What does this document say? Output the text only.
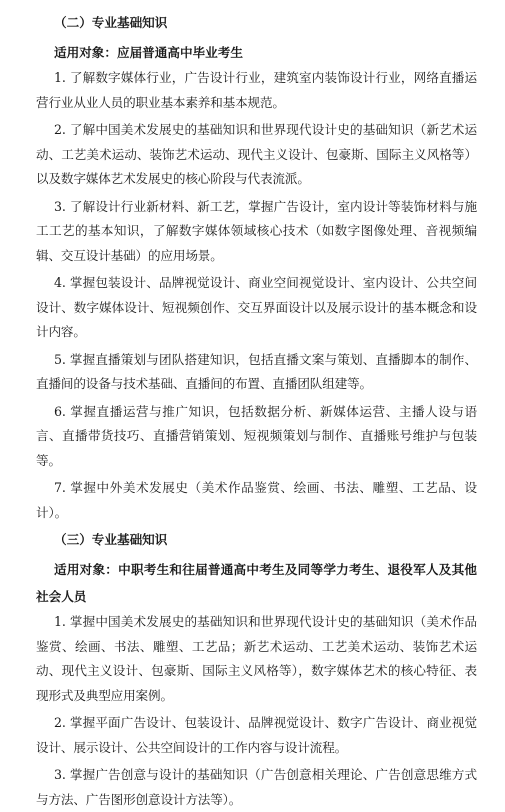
（二）专业基础知识

适用对象：应届普通高中毕业考生

1. 了解数字媒体行业，广告设计行业，建筑室内装饰设计行业，网络直播运营行业从业人员的职业基本素养和基本规范。

2. 了解中国美术发展史的基础知识和世界现代设计史的基础知识（新艺术运动、工艺美术运动、装饰艺术运动、现代主义设计、包豪斯、国际主义风格等）以及数字媒体艺术发展史的核心阶段与代表流派。

3. 了解设计行业新材料、新工艺，掌握广告设计，室内设计等装饰材料与施工工艺的基本知识，了解数字媒体领域核心技术（如数字图像处理、音视频编辑、交互设计基础）的应用场景。

4. 掌握包装设计、品牌视觉设计、商业空间视觉设计、室内设计、公共空间设计、数字媒体设计、短视频创作、交互界面设计以及展示设计的基本概念和设计内容。

5. 掌握直播策划与团队搭建知识，包括直播文案与策划、直播脚本的制作、直播间的设备与技术基础、直播间的布置、直播团队组建等。

6. 掌握直播运营与推广知识，包括数据分析、新媒体运营、主播人设与语言、直播带货技巧、直播营销策划、短视频策划与制作、直播账号维护与包装等。

7. 掌握中外美术发展史（美术作品鉴赏、绘画、书法、雕塑、工艺品、设计）。

（三）专业基础知识

适用对象：中职考生和往届普通高中考生及同等学力考生、退役军人及其他社会人员

1. 掌握中国美术发展史的基础知识和世界现代设计史的基础知识（美术作品鉴赏、绘画、书法、雕塑、工艺品；新艺术运动、工艺美术运动、装饰艺术运动、现代主义设计、包豪斯、国际主义风格等），数字媒体艺术的核心特征、表现形式及典型应用案例。

2. 掌握平面广告设计、包装设计、品牌视觉设计、数字广告设计、商业视觉设计、展示设计、公共空间设计的工作内容与设计流程。

3. 掌握广告创意与设计的基础知识（广告创意相关理论、广告创意思维方式与方法、广告图形创意设计方法等）。
